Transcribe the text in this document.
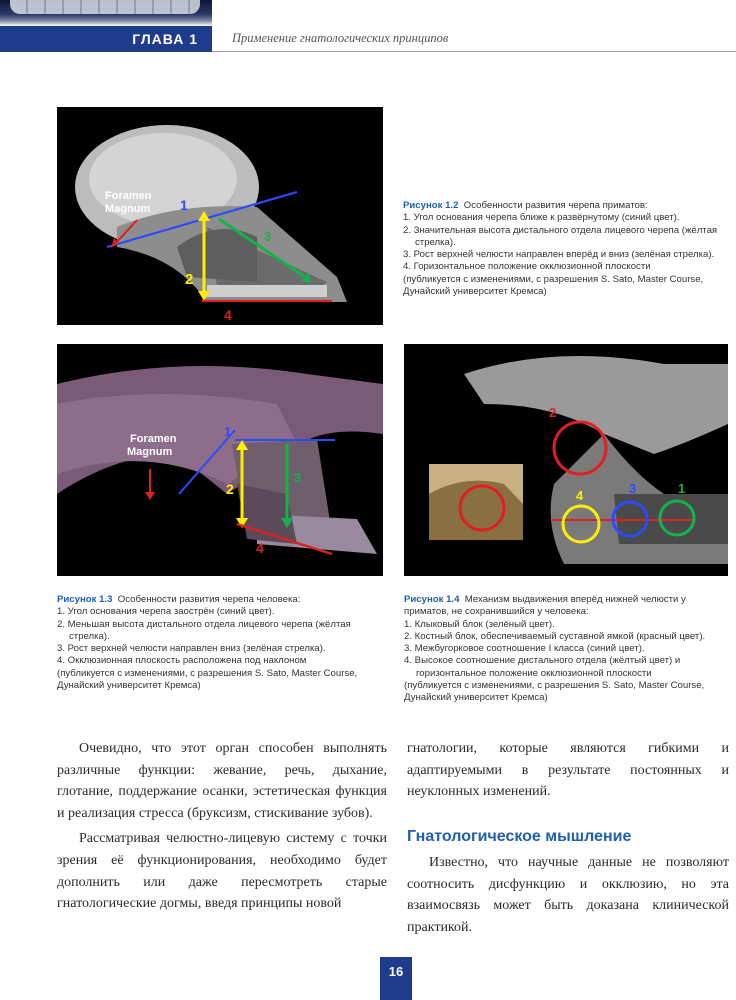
ГЛАВА 1	Применение гнатологических принципов
Foramen
Magnum 1
2
3
4
Рисунок 1.2 Особенности развития черепа приматов:
1. Угол основания черепа ближе к развёрнутому (синий цвет).
2. Значительная высота дистального отдела лицевого черепа (жёлтая стрелка).
3. Рост верхней челюсти направлен вперёд и вниз (зелёная стрелка).
4. Горизонтальное положение окклюзионной плоскости
(публикуется с изменениями, с разрешения S. Sato, Master Course, Дунайский университет Кремса)
Foramen
Magnum
1
2
3
4
2
4	3	1
Рисунок 1.3 Особенности развития черепа человека:
1. Угол основания черепа заострён (синий цвет).
2. Меньшая высота дистального отдела лицевого черепа (жёлтая стрелка).
3. Рост верхней челюсти направлен вниз (зелёная стрелка).
4. Окклюзионная плоскость расположена под наклоном
(публикуется с изменениями, с разрешения S. Sato, Master Course, Дунайский университет Кремса)
Рисунок 1.4 Механизм выдвижения вперёд нижней челюсти у приматов, не сохранившийся у человека:
1. Клыковый блок (зелёный цвет).
2. Костный блок, обеспечиваемый суставной ямкой (красный цвет).
3. Межбугорковое соотношение I класса (синий цвет).
4. Высокое соотношение дистального отдела (жёлтый цвет) и горизонтальное положение окклюзионной плоскости
(публикуется с изменениями, с разрешения S. Sato, Master Course, Дунайский университет Кремса)

Очевидно, что этот орган способен выполнять различные функции: жевание, речь, дыхание, глотание, поддержание осанки, эстетическая функция и реализация стресса (бруксизм, стискивание зубов).

Рассматривая челюстно-лицевую систему с точки зрения её функционирования, необходимо будет дополнить или даже пересмотреть старые гнатологические догмы, введя принципы новой

гнатологии, которые являются гибкими и адаптируемыми в результате постоянных и неуклонных изменений.

Гнатологическое мышление

Известно, что научные данные не позволяют соотносить дисфункцию и окклюзию, но эта взаимосвязь может быть доказана клинической практикой.

16
